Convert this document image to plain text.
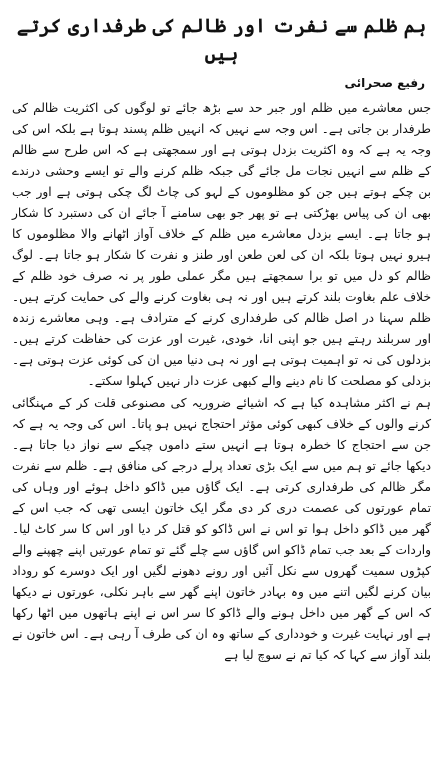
ہم ظلم سے نفرت اور ظالم کی طرفداری کرتے ہیں
رفیع صحرائی

جس معاشرے میں ظلم اور جبر حد سے بڑھ جائے تو لوگوں کی اکثریت ظالم کی طرفدار بن جاتی ہے۔ اس وجہ سے نہیں کہ انہیں ظلم پسند ہوتا ہے بلکہ اس کی وجہ یہ ہے کہ وہ اکثریت بزدل ہوتی ہے اور سمجھتی ہے کہ اس طرح سے ظالم کے ظلم سے انہیں نجات مل جائے گی جبکہ ظلم کرنے والے تو ایسے وحشی درندے بن چکے ہوتے ہیں جن کو مظلوموں کے لہو کی چاٹ لگ چکی ہوتی ہے اور جب بھی ان کی پیاس بھڑکتی ہے تو پھر جو بھی سامنے آ جائے ان کی دستبرد کا شکار ہو جاتا ہے۔ ایسے بزدل معاشرے میں ظلم کے خلاف آواز اٹھانے والا مظلوموں کا ہیرو نہیں ہوتا بلکہ ان کی لعن طعن اور طنز و نفرت کا شکار ہو جاتا ہے۔ لوگ ظالم کو دل میں تو برا سمجھتے ہیں مگر عملی طور پر نہ صرف خود ظلم کے خلاف علم بغاوت بلند کرتے ہیں اور نہ ہی بغاوت کرنے والے کی حمایت کرتے ہیں۔ ظلم سہنا در اصل ظالم کی طرفداری کرنے کے مترادف ہے۔ وہی معاشرے زندہ اور سربلند رہتے ہیں جو اپنی انا، خودی، غیرت اور عزت کی حفاظت کرتے ہیں۔ بزدلوں کی نہ تو اہمیت ہوتی ہے اور نہ ہی دنیا میں ان کی کوئی عزت ہوتی ہے۔ بزدلی کو مصلحت کا نام دینے والے کبھی عزت دار نہیں کہلوا سکتے۔

ہم نے اکثر مشاہدہ کیا ہے کہ اشیائے ضروریہ کی مصنوعی قلت کر کے مہنگائی کرنے والوں کے خلاف کبھی کوئی مؤثر احتجاج نہیں ہو پاتا۔ اس کی وجہ یہ ہے کہ جن سے احتجاج کا خطرہ ہوتا ہے انہیں ستے داموں چیکے سے نواز دیا جاتا ہے۔ دیکھا جائے تو ہم میں سے ایک بڑی تعداد پرلے درجے کی منافق ہے۔ ظلم سے نفرت مگر ظالم کی طرفداری کرتی ہے۔ ایک گاؤں میں ڈاکو داخل ہوئے اور وہاں کی تمام عورتوں کی عصمت دری کر دی مگر ایک خاتون ایسی تھی کہ جب اس کے گھر میں ڈاکو داخل ہوا تو اس نے اس ڈاکو کو قتل کر دیا اور اس کا سر کاٹ لیا۔ واردات کے بعد جب تمام ڈاکو اس گاؤں سے چلے گئے تو تمام عورتیں اپنے چھپنے والے کپڑوں سمیت گھروں سے نکل آئیں اور رونے دھونے لگیں اور ایک دوسرے کو روداد بیان کرنے لگیں اتنے میں وہ بہادر خاتون اپنے گھر سے باہر نکلی، عورتوں نے دیکھا کہ اس کے گھر میں داخل ہونے والے ڈاکو کا سر اس نے اپنے ہاتھوں میں اٹھا رکھا ہے اور نہایت غیرت و خودداری کے ساتھ وہ ان کی طرف آ رہی ہے۔ اس خاتون نے بلند آواز سے کہا کہ کیا تم نے سوچ لیا ہے
